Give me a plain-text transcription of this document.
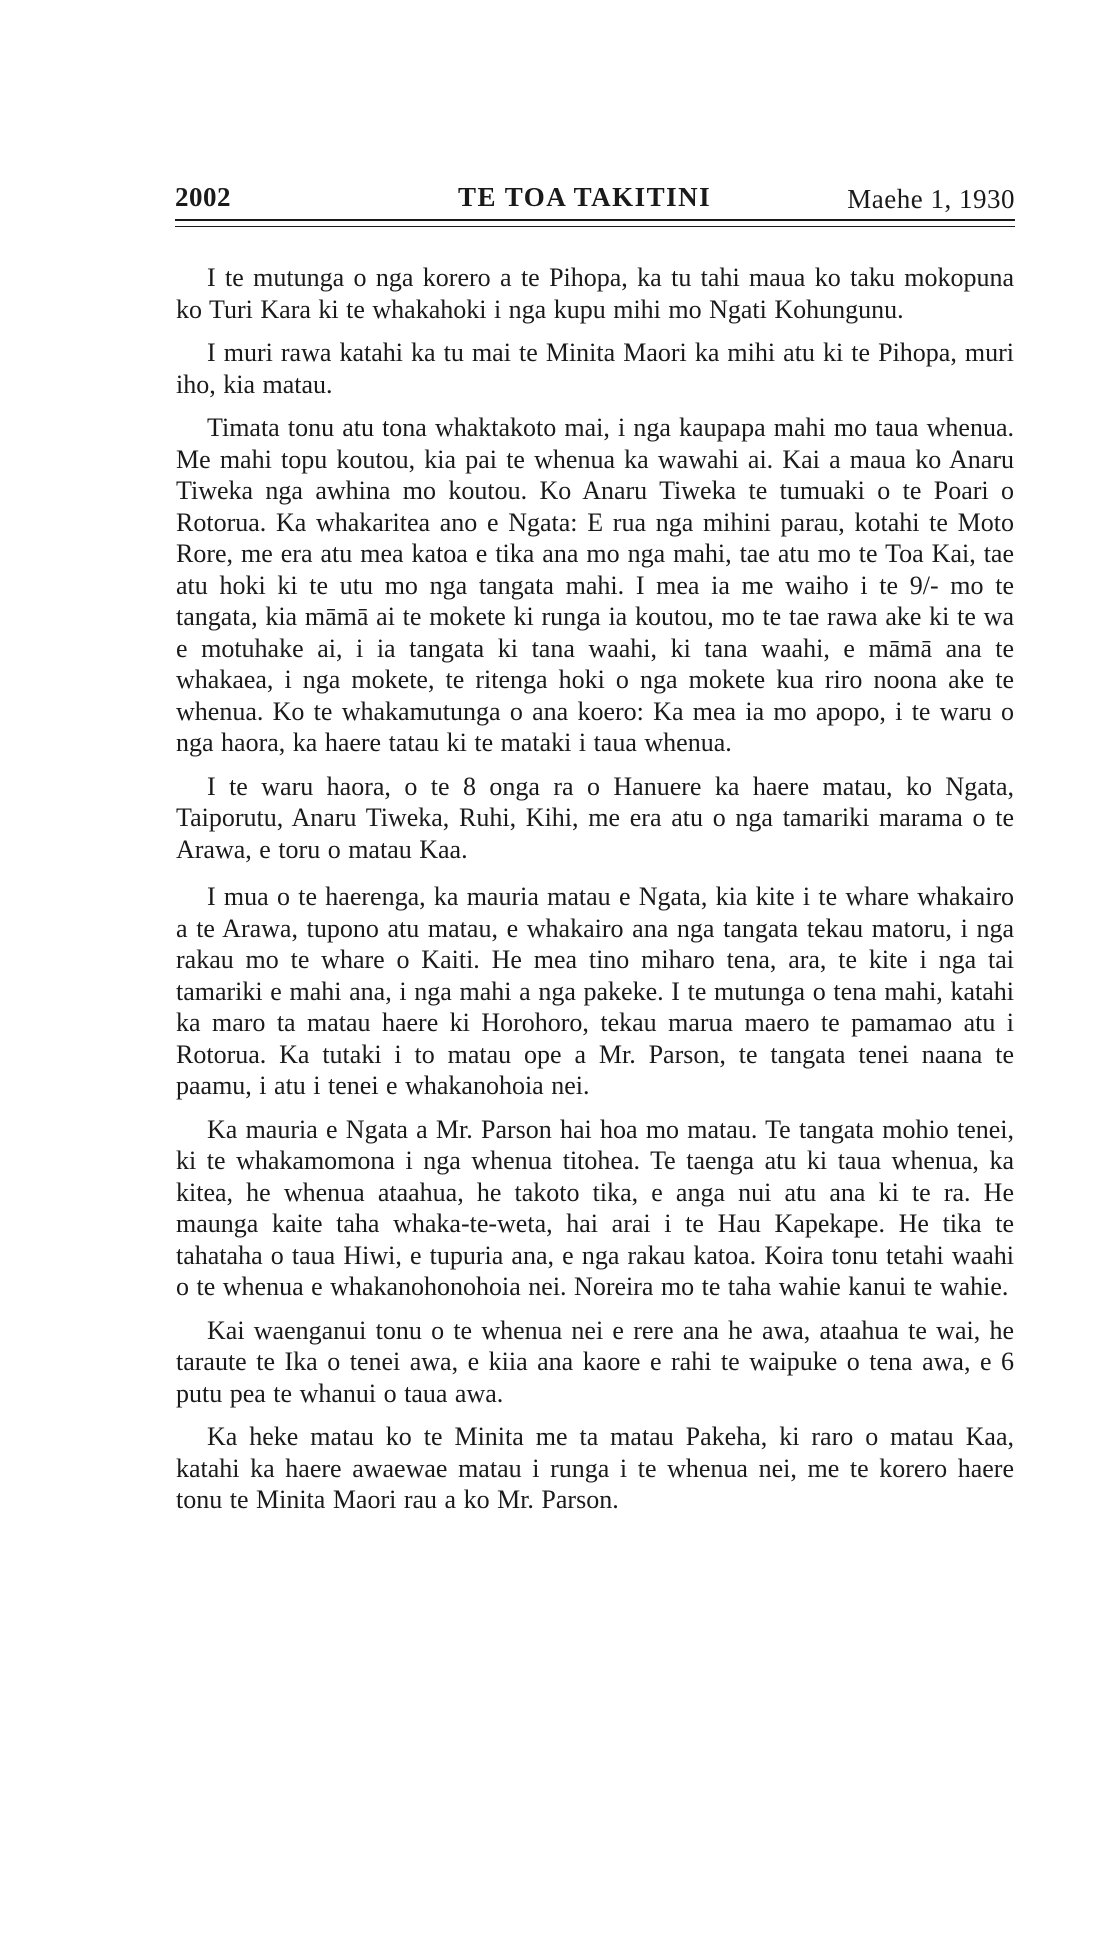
2002	TE TOA TAKITINI	Maehe 1, 1930

I te mutunga o nga korero a te Pihopa, ka tu tahi maua ko taku mokopuna ko Turi Kara ki te whakahoki i nga kupu mihi mo Ngati Kohungunu.

I muri rawa katahi ka tu mai te Minita Maori ka mihi atu ki te Pihopa, muri iho, kia matau.

Timata tonu atu tona whaktakoto mai, i nga kaupapa mahi mo taua whenua. Me mahi topu koutou, kia pai te whenua ka wawahi ai. Kai a maua ko Anaru Tiweka nga awhina mo koutou. Ko Anaru Tiweka te tumuaki o te Poari o Rotorua. Ka whakaritea ano e Ngata: E rua nga mihini parau, kotahi te Moto Rore, me era atu mea katoa e tika ana mo nga mahi, tae atu mo te Toa Kai, tae atu hoki ki te utu mo nga tangata mahi. I mea ia me waiho i te 9/- mo te tangata, kia māmā ai te mokete ki runga ia koutou, mo te tae rawa ake ki te wa e motuhake ai, i ia tangata ki tana waahi, ki tana waahi, e māmā ana te whakaea, i nga mokete, te ritenga hoki o nga mokete kua riro noona ake te whenua. Ko te whakamutunga o ana koero: Ka mea ia mo apopo, i te waru o nga haora, ka haere tatau ki te mataki i taua whenua.

I te waru haora, o te 8 onga ra o Hanuere ka haere matau, ko Ngata, Taiporutu, Anaru Tiweka, Ruhi, Kihi, me era atu o nga tamariki marama o te Arawa, e toru o matau Kaa.

I mua o te haerenga, ka mauria matau e Ngata, kia kite i te whare whakairo a te Arawa, tupono atu matau, e whakairo ana nga tangata tekau matoru, i nga rakau mo te whare o Kaiti. He mea tino miharo tena, ara, te kite i nga tai tamariki e mahi ana, i nga mahi a nga pakeke. I te mutunga o tena mahi, katahi ka maro ta matau haere ki Horohoro, tekau marua maero te pamamao atu i Rotorua. Ka tutaki i to matau ope a Mr. Parson, te tangata tenei naana te paamu, i atu i tenei e whakanohoia nei.

Ka mauria e Ngata a Mr. Parson hai hoa mo matau. Te tangata mohio tenei, ki te whakamomona i nga whenua titohea. Te taenga atu ki taua whenua, ka kitea, he whenua ataahua, he takoto tika, e anga nui atu ana ki te ra. He maunga kaite taha whaka-te-weta, hai arai i te Hau Kapekape. He tika te tahataha o taua Hiwi, e tupuria ana, e nga rakau katoa. Koira tonu tetahi waahi o te whenua e whakanohonohoia nei. Noreira mo te taha wahie kanui te wahie.

Kai waenganui tonu o te whenua nei e rere ana he awa, ataahua te wai, he taraute te Ika o tenei awa, e kiia ana kaore e rahi te waipuke o tena awa, e 6 putu pea te whanui o taua awa.

Ka heke matau ko te Minita me ta matau Pakeha, ki raro o matau Kaa, katahi ka haere awaewae matau i runga i te whenua nei, me te korero haere tonu te Minita Maori rau a ko Mr. Parson.
